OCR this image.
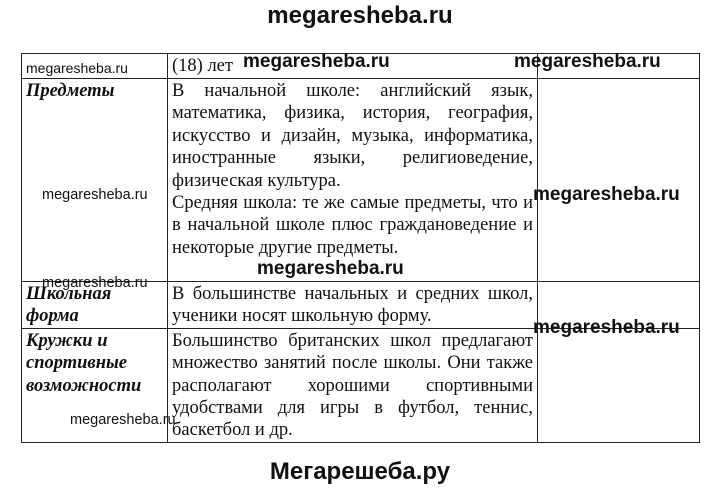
megaresheba.ru
megaresheba.ru	(18) лет	

Предметы	В начальной школе: английский язык, математика, физика, история, география, искусство и дизайн, музыка, информатика, иностранные языки, религиоведение, физическая культура.

Средняя школа: те же самые предметы, что и в начальной школе плюс граждановедение и некоторые другие предметы.	

Школьная форма	В большинстве начальных и средних школ, ученики носят школьную форму.	

Кружки и спортивные возможности	Большинство британских школ предлагают множество занятий после школы. Они также располагают хорошими спортивными удобствами для игры в футбол, теннис, баскетбол и др.	

megaresheba.ru	megaresheba.ru
megaresheba.ru
megaresheba.ru
megaresheba.ru
megaresheba.ru
megaresheba.ru
megaresheba.ru
Мегарешеба.ру
